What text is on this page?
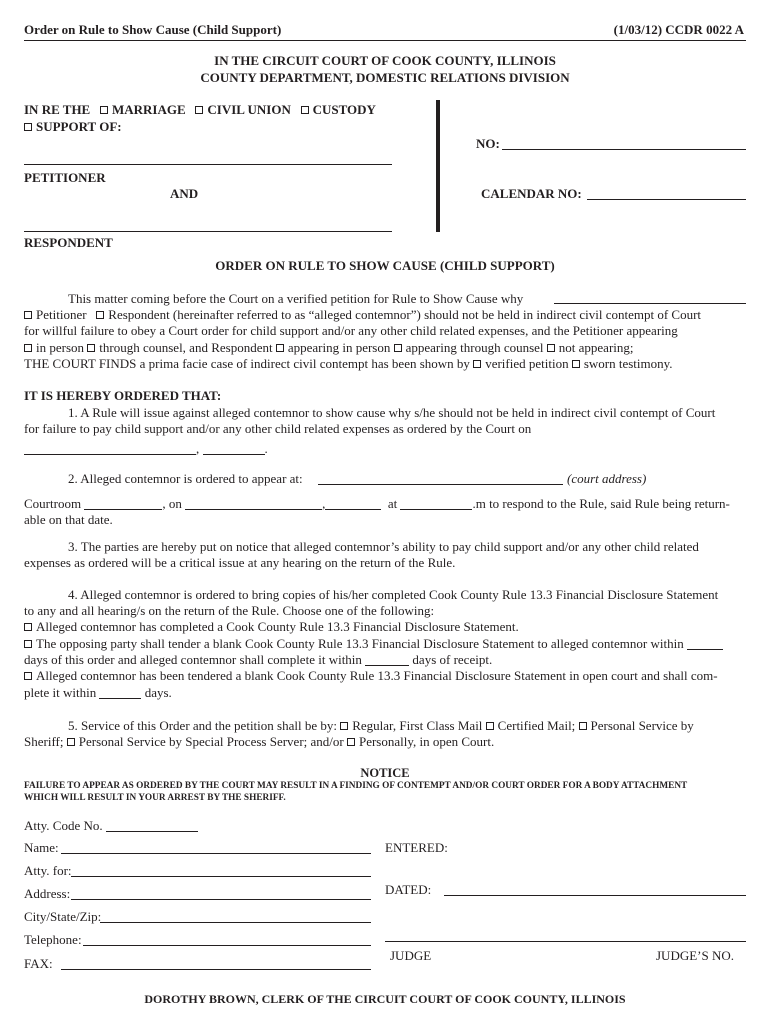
Order on Rule to Show Cause (Child Support)	(1/03/12) CCDR 0022 A
IN THE CIRCUIT COURT OF COOK COUNTY, ILLINOIS
COUNTY DEPARTMENT, DOMESTIC RELATIONS DIVISION
IN RE THE MARRIAGE CIVIL UNION CUSTODY
SUPPORT OF:
PETITIONER
AND
RESPONDENT
NO:
CALENDAR NO:
ORDER ON RULE TO SHOW CAUSE (CHILD SUPPORT)
This matter coming before the Court on a verified petition for Rule to Show Cause why
Petitioner Respondent (hereinafter referred to as “alleged contemnor”) should not be held in indirect civil contempt of Court
for willful failure to obey a Court order for child support and/or any other child related expenses, and the Petitioner appearing
in person through counsel, and Respondent appearing in person appearing through counsel not appearing;
THE COURT FINDS a prima facie case of indirect civil contempt has been shown by verified petition sworn testimony.
IT IS HEREBY ORDERED THAT:
1. A Rule will issue against alleged contemnor to show cause why s/he should not be held in indirect civil contempt of Court
for failure to pay child support and/or any other child related expenses as ordered by the Court on
,	.
2. Alleged contemnor is ordered to appear at:	(court address)
Courtroom	, on	,	at	.m to respond to the Rule, said Rule being return-
able on that date.
3. The parties are hereby put on notice that alleged contemnor’s ability to pay child support and/or any other child related
expenses as ordered will be a critical issue at any hearing on the return of the Rule.
4. Alleged contemnor is ordered to bring copies of his/her completed Cook County Rule 13.3 Financial Disclosure Statement
to any and all hearing/s on the return of the Rule. Choose one of the following:
Alleged contemnor has completed a Cook County Rule 13.3 Financial Disclosure Statement.
The opposing party shall tender a blank Cook County Rule 13.3 Financial Disclosure Statement to alleged contemnor within
days of this order and alleged contemnor shall complete it within	days of receipt.
Alleged contemnor has been tendered a blank Cook County Rule 13.3 Financial Disclosure Statement in open court and shall com-
plete it within	days.
5. Service of this Order and the petition shall be by: Regular, First Class Mail Certified Mail; Personal Service by
Sheriff; Personal Service by Special Process Server; and/or Personally, in open Court.
NOTICE
FAILURE TO APPEAR AS ORDERED BY THE COURT MAY RESULT IN A FINDING OF CONTEMPT AND/OR COURT ORDER FOR A BODY ATTACHMENT
WHICH WILL RESULT IN YOUR ARREST BY THE SHERIFF.
Atty. Code No.
Name:
Atty. for:
Address:
City/State/Zip:
Telephone:
FAX:
ENTERED:
DATED:
JUDGE	JUDGE’S NO.
DOROTHY BROWN, CLERK OF THE CIRCUIT COURT OF COOK COUNTY, ILLINOIS
